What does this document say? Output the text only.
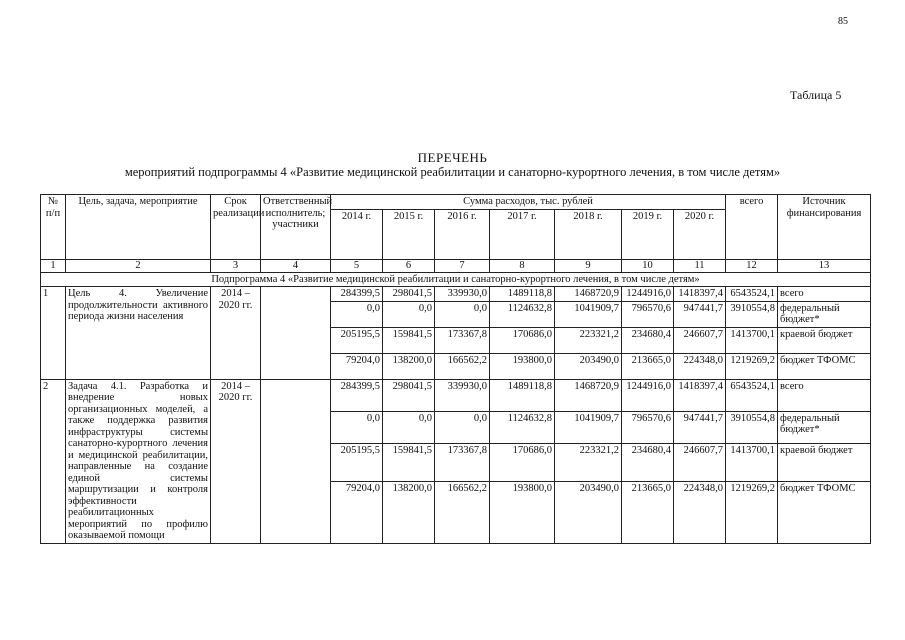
85
Таблица 5
ПЕРЕЧЕНЬ
мероприятий подпрограммы 4 «Развитие медицинской реабилитации и санаторно-курортного лечения, в том числе детям»
№ п/п	Цель, задача, мероприятие	Срок реализации	Ответственный исполнитель; участники	Сумма расходов, тыс. рублей							всего	Источник финансирования
				2014 г.	2015 г.	2016 г.	2017 г.	2018 г.	2019 г.	2020 г.		
1	2	3	4	5	6	7	8	9	10	11	12	13
Подпрограмма 4 «Развитие медицинской реабилитации и санаторно-курортного лечения, в том числе детям»												
1	Цель 4. Увеличение продолжительности активного периода жизни населения	2014 – 2020 гг.		284399,5	298041,5	339930,0	1489118,8	1468720,9	1244916,0	1418397,4	6543524,1	всего
				0,0	0,0	0,0	1124632,8	1041909,7	796570,6	947441,7	3910554,8	федеральный бюджет*
				205195,5	159841,5	173367,8	170686,0	223321,2	234680,4	246607,7	1413700,1	краевой бюджет
				79204,0	138200,0	166562,2	193800,0	203490,0	213665,0	224348,0	1219269,2	бюджет ТФОМС
2	Задача 4.1. Разработка и внедрение новых организационных моделей, а также поддержка развития инфраструктуры системы санаторно-курортного лечения и медицинской реабилитации, направленные на создание единой системы маршрутизации и контроля эффективности реабилитационных мероприятий по профилю оказываемой помощи	2014 – 2020 гг.		284399,5	298041,5	339930,0	1489118,8	1468720,9	1244916,0	1418397,4	6543524,1	всего
				0,0	0,0	0,0	1124632,8	1041909,7	796570,6	947441,7	3910554,8	федеральный бюджет*
				205195,5	159841,5	173367,8	170686,0	223321,2	234680,4	246607,7	1413700,1	краевой бюджет
				79204,0	138200,0	166562,2	193800,0	203490,0	213665,0	224348,0	1219269,2	бюджет ТФОМС
